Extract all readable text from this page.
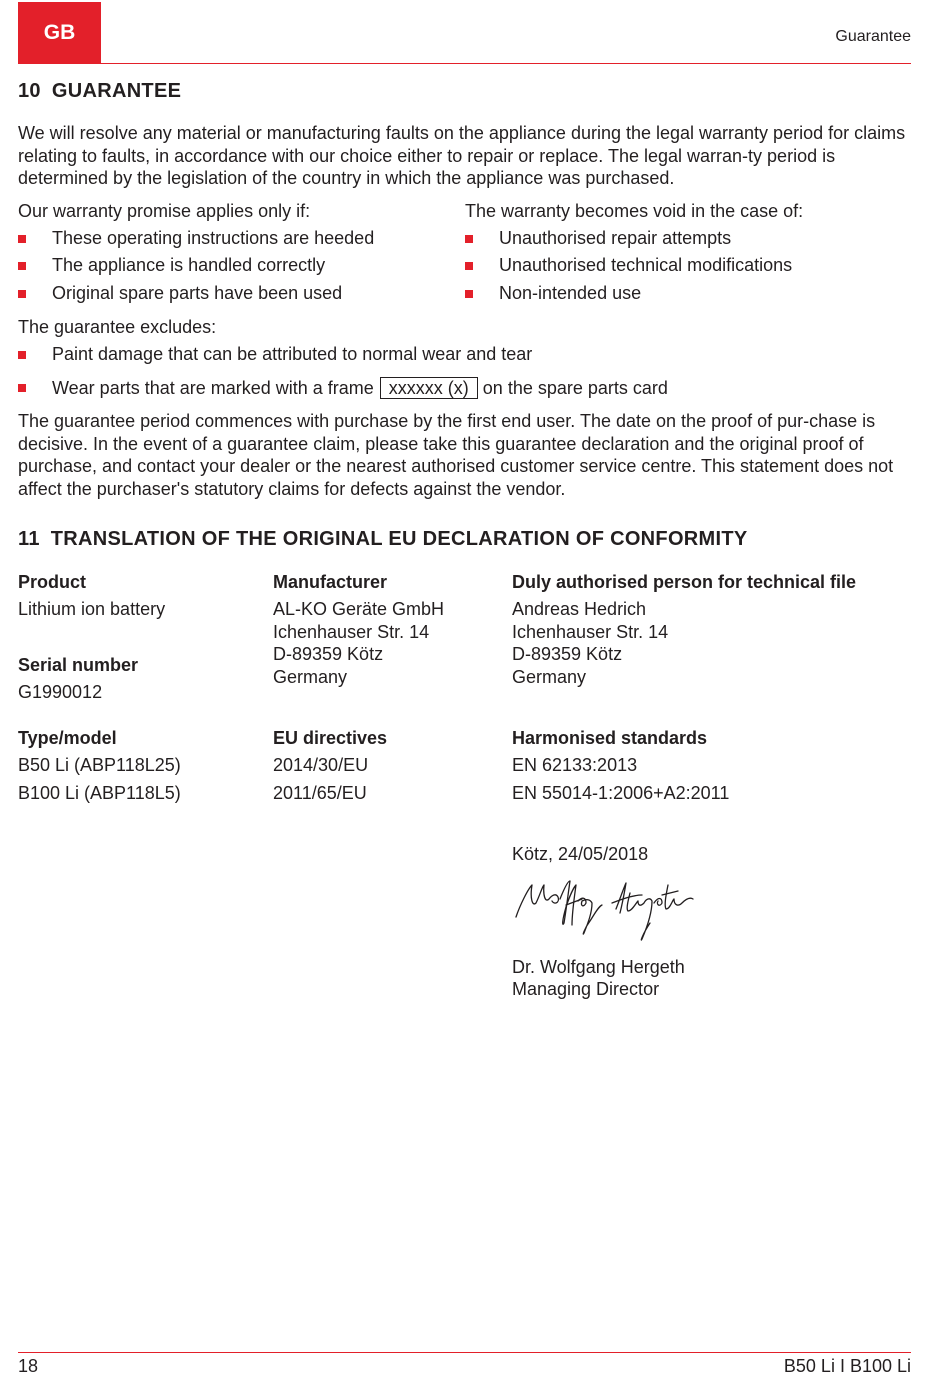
GB	Guarantee
10 GUARANTEE
We will resolve any material or manufacturing faults on the appliance during the legal warranty period for claims relating to faults, in accordance with our choice either to repair or replace. The legal warran-ty period is determined by the legislation of the country in which the appliance was purchased.
Our warranty promise applies only if:
These operating instructions are heeded
The appliance is handled correctly
Original spare parts have been used
The warranty becomes void in the case of:
Unauthorised repair attempts
Unauthorised technical modifications
Non-intended use
The guarantee excludes:
Paint damage that can be attributed to normal wear and tear
Wear parts that are marked with a frame xxxxxx (x) on the spare parts card
The guarantee period commences with purchase by the first end user. The date on the proof of pur-chase is decisive. In the event of a guarantee claim, please take this guarantee declaration and the original proof of purchase, and contact your dealer or the nearest authorised customer service centre. This statement does not affect the purchaser's statutory claims for defects against the vendor.
11 TRANSLATION OF THE ORIGINAL EU DECLARATION OF CONFORMITY
Product
Lithium ion battery
Serial number
G1990012
Manufacturer
AL-KO Geräte GmbH
Ichenhauser Str. 14
D-89359 Kötz
Germany
Duly authorised person for technical file
Andreas Hedrich
Ichenhauser Str. 14
D-89359 Kötz
Germany
Type/model
B50 Li (ABP118L25)
B100 Li (ABP118L5)
EU directives
2014/30/EU
2011/65/EU
Harmonised standards
EN 62133:2013
EN 55014-1:2006+A2:2011
Kötz, 24/05/2018
Dr. Wolfgang Hergeth
Managing Director
18	B50 Li I B100 Li
